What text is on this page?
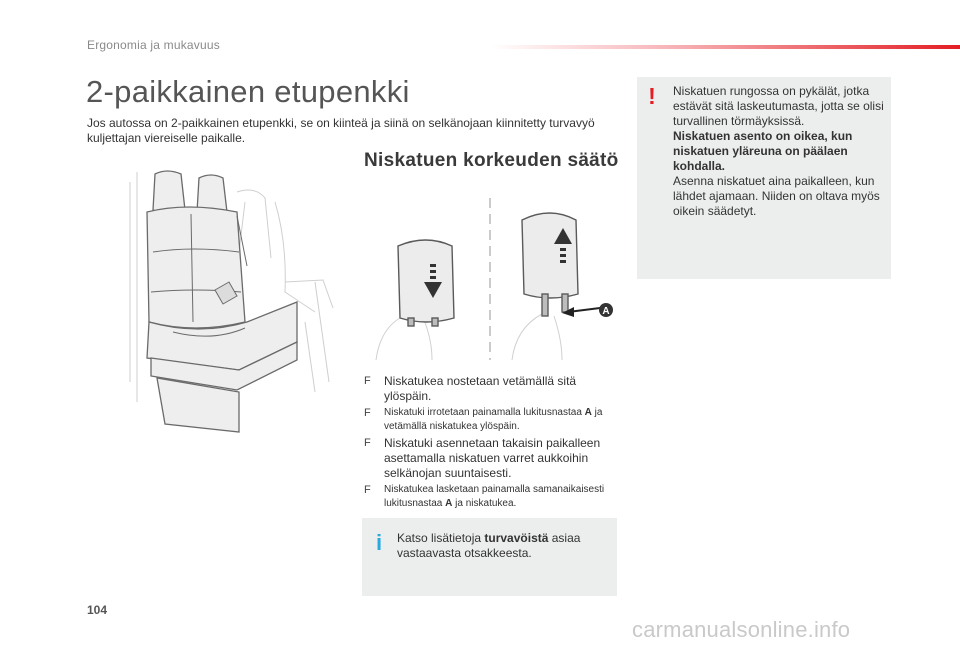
Ergonomia ja mukavuus
2-paikkainen etupenkki
Jos autossa on 2-paikkainen etupenkki, se on kiinteä ja siinä on selkänojaan kiinnitetty turvavyö kuljettajan viereiselle paikalle.
Niskatuen korkeuden säätö
A
F	Niskatukea nostetaan vetämällä sitä ylöspäin.
F	Niskatuki irrotetaan painamalla lukitusnastaa A ja vetämällä niskatukea ylöspäin.
F	Niskatuki asennetaan takaisin paikalleen asettamalla niskatuen varret aukkoihin selkänojan suuntaisesti.
F	Niskatukea lasketaan painamalla samanaikaisesti lukitusnastaa A ja niskatukea.
i	Katso lisätietoja turvavöistä asiaa vastaavasta otsakkeesta.
! Niskatuen rungossa on pykälät, jotka estävät sitä laskeutumasta, jotta se olisi turvallinen törmäyksissä.

Niskatuen asento on oikea, kun niskatuen yläreuna on päälaen kohdalla.

Asenna niskatuet aina paikalleen, kun lähdet ajamaan. Niiden on oltava myös oikein säädetyt.

104
carmanualsonline.info
